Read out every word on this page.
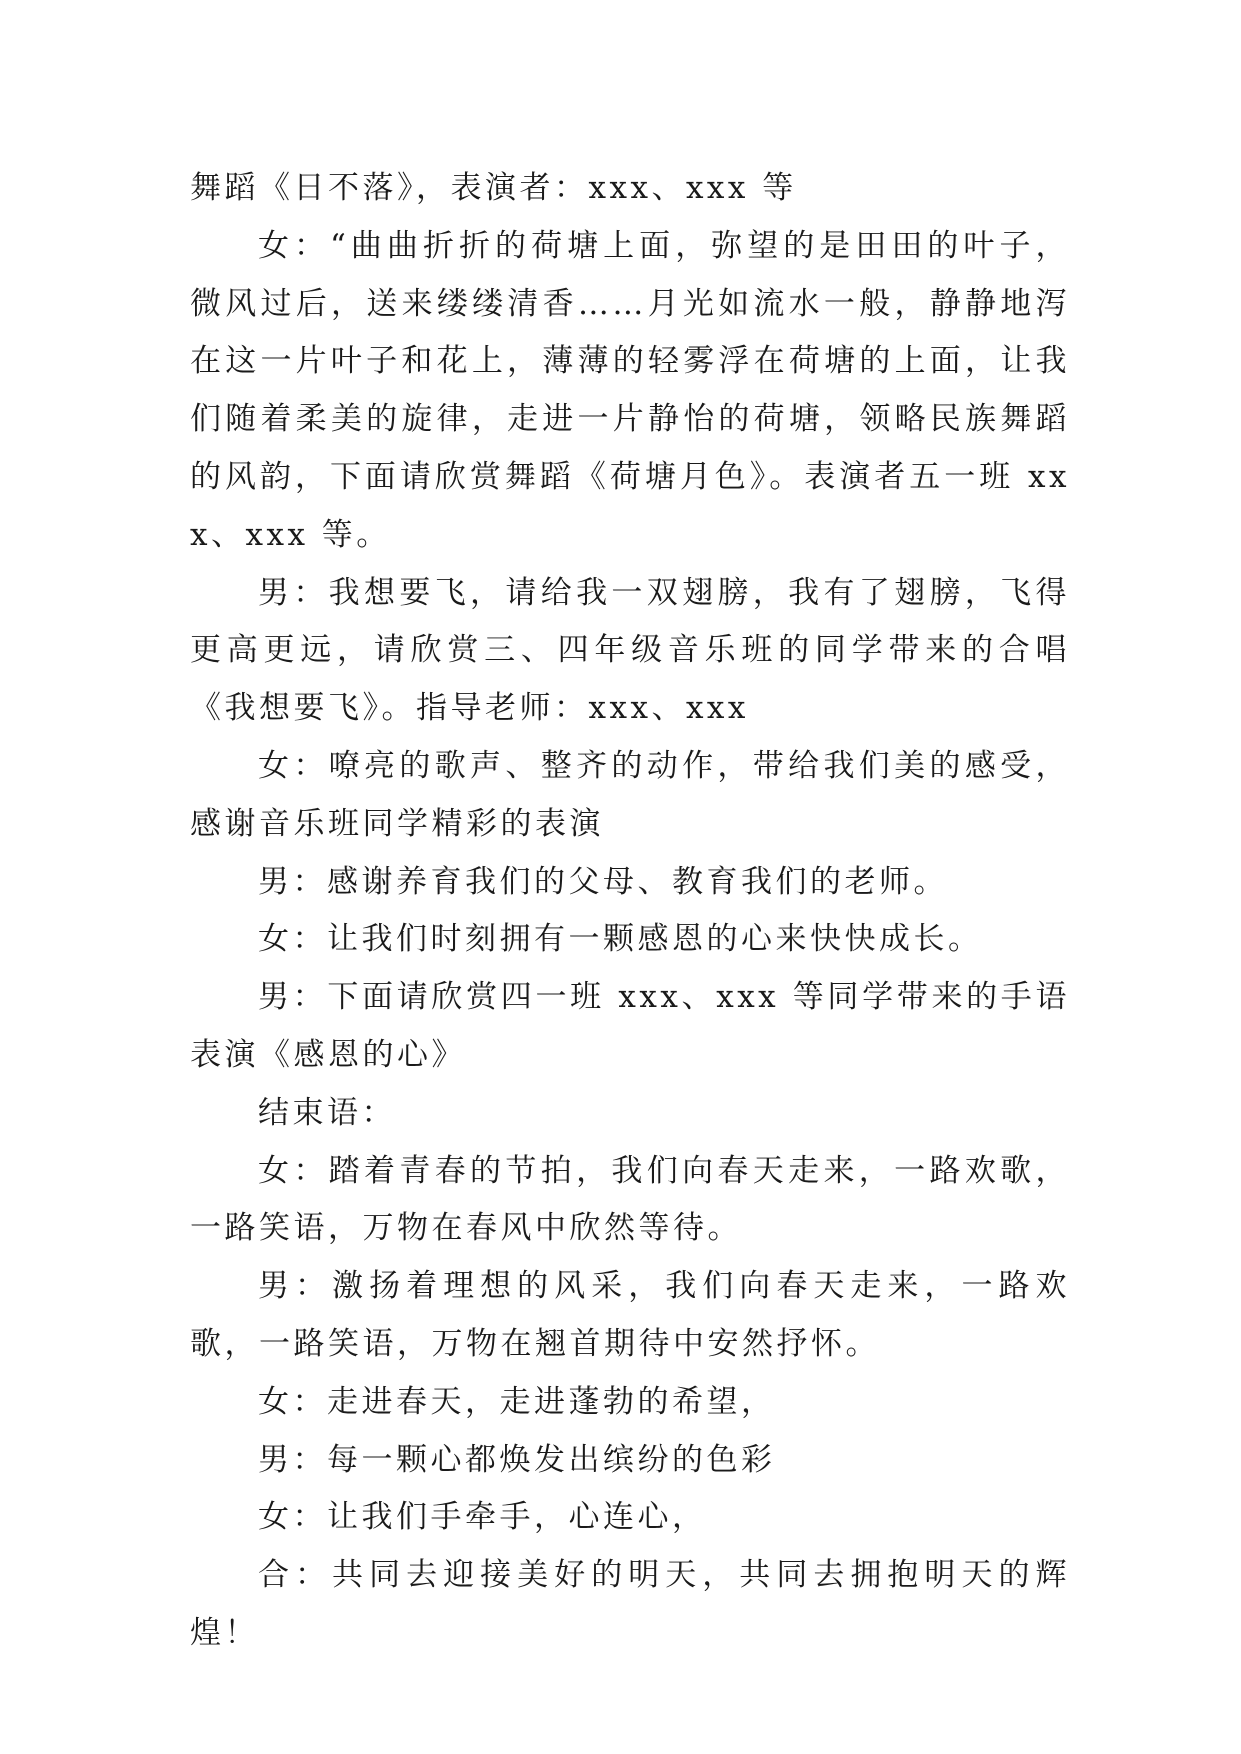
舞蹈《日不落》，表演者：xxx、xxx 等

女：“曲曲折折的荷塘上面，弥望的是田田的叶子，微风过后，送来缕缕清香……月光如流水一般，静静地泻在这一片叶子和花上，薄薄的轻雾浮在荷塘的上面，让我们随着柔美的旋律，走进一片静怡的荷塘，领略民族舞蹈的风韵，下面请欣赏舞蹈《荷塘月色》。表演者五一班 xxx、xxx 等。

男：我想要飞，请给我一双翅膀，我有了翅膀，飞得更高更远，请欣赏三、四年级音乐班的同学带来的合唱《我想要飞》。指导老师：xxx、xxx

女：嘹亮的歌声、整齐的动作，带给我们美的感受，感谢音乐班同学精彩的表演

男：感谢养育我们的父母、教育我们的老师。

女：让我们时刻拥有一颗感恩的心来快快成长。

男：下面请欣赏四一班 xxx、xxx 等同学带来的手语表演《感恩的心》

结束语：

女：踏着青春的节拍，我们向春天走来，一路欢歌，一路笑语，万物在春风中欣然等待。

男：激扬着理想的风采，我们向春天走来，一路欢歌，一路笑语，万物在翘首期待中安然抒怀。

女：走进春天，走进蓬勃的希望，

男：每一颗心都焕发出缤纷的色彩

女：让我们手牵手，心连心，

合：共同去迎接美好的明天，共同去拥抱明天的辉煌！
